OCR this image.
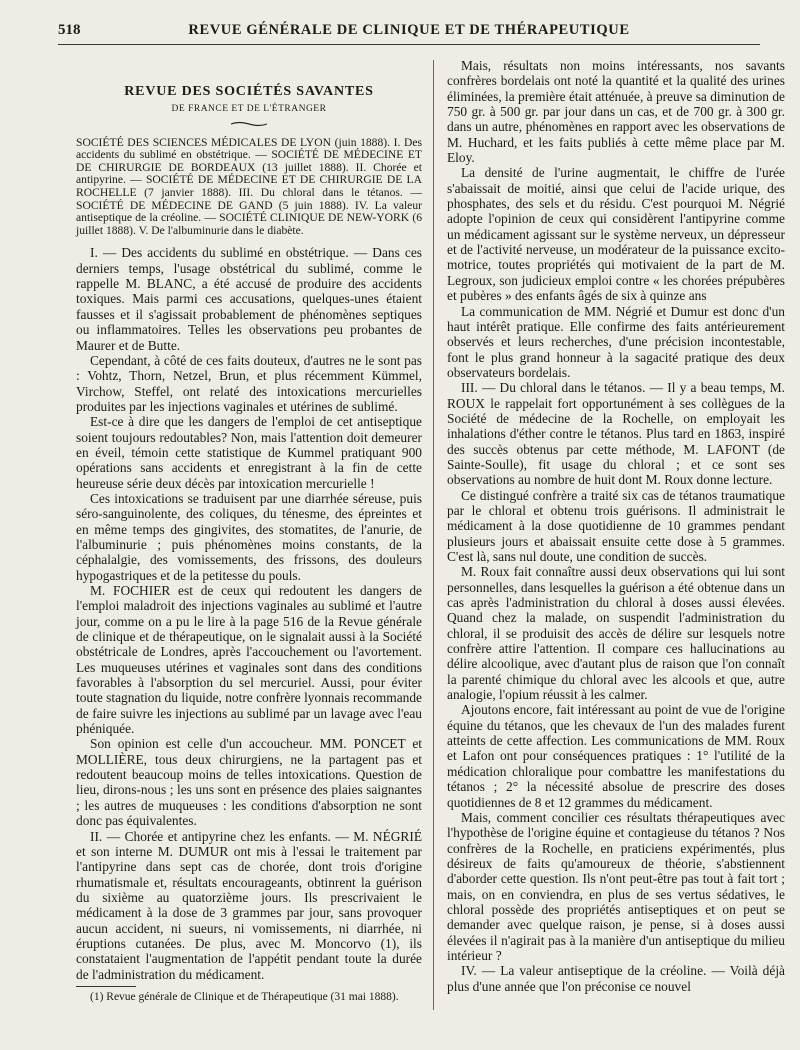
518	REVUE GÉNÉRALE DE CLINIQUE ET DE THÉRAPEUTIQUE
REVUE DES SOCIÉTÉS SAVANTES
DE FRANCE ET DE L'ÉTRANGER

SOCIÉTÉ DES SCIENCES MÉDICALES DE LYON (juin 1888). I. Des accidents du sublimé en obstétrique. — SOCIÉTÉ DE MÉDECINE ET DE CHIRURGIE DE BORDEAUX (13 juillet 1888). II. Chorée et antipyrine. — SOCIÉTÉ DE MÉDECINE ET DE CHIRURGIE DE LA ROCHELLE (7 janvier 1888). III. Du chloral dans le tétanos. — SOCIÉTÉ DE MÉDECINE DE GAND (5 juin 1888). IV. La valeur antiseptique de la créoline. — SOCIÉTÉ CLINIQUE DE NEW-YORK (6 juillet 1888). V. De l'albuminurie dans le diabète.

I. — Des accidents du sublimé en obstétrique. — Dans ces derniers temps, l'usage obstétrical du sublimé, comme le rappelle M. BLANC, a été accusé de produire des accidents toxiques. Mais parmi ces accusations, quelques-unes étaient fausses et il s'agissait probablement de phénomènes septiques ou inflammatoires. Telles les observations peu probantes de Maurer et de Butte.

Cependant, à côté de ces faits douteux, d'autres ne le sont pas : Vohtz, Thorn, Netzel, Brun, et plus récemment Kümmel, Virchow, Steffel, ont relaté des intoxications mercurielles produites par les injections vaginales et utérines de sublimé.

Est-ce à dire que les dangers de l'emploi de cet antiseptique soient toujours redoutables? Non, mais l'attention doit demeurer en éveil, témoin cette statistique de Kummel pratiquant 900 opérations sans accidents et enregistrant à la fin de cette heureuse série deux décès par intoxication mercurielle !

Ces intoxications se traduisent par une diarrhée séreuse, puis séro-sanguinolente, des coliques, du ténesme, des épreintes et en même temps des gingivites, des stomatites, de l'anurie, de l'albuminurie ; puis phénomènes moins constants, de la céphalalgie, des vomissements, des frissons, des douleurs hypogastriques et de la petitesse du pouls.

M. FOCHIER est de ceux qui redoutent les dangers de l'emploi maladroit des injections vaginales au sublimé et l'autre jour, comme on a pu le lire à la page 516 de la Revue générale de clinique et de thérapeutique, on le signalait aussi à la Société obstétricale de Londres, après l'accouchement ou l'avortement. Les muqueuses utérines et vaginales sont dans des conditions favorables à l'absorption du sel mercuriel. Aussi, pour éviter toute stagnation du liquide, notre confrère lyonnais recommande de faire suivre les injections au sublimé par un lavage avec l'eau phéniquée.

Son opinion est celle d'un accoucheur. MM. PONCET et MOLLIÈRE, tous deux chirurgiens, ne la partagent pas et redoutent beaucoup moins de telles intoxications. Question de lieu, dirons-nous ; les uns sont en présence des plaies saignantes ; les autres de muqueuses : les conditions d'absorption ne sont donc pas équivalentes.

II. — Chorée et antipyrine chez les enfants. — M. NÉGRIÉ et son interne M. DUMUR ont mis à l'essai le traitement par l'antipyrine dans sept cas de chorée, dont trois d'origine rhumatismale et, résultats encourageants, obtinrent la guérison du sixième au quatorzième jours. Ils prescrivaient le médicament à la dose de 3 grammes par jour, sans provoquer aucun accident, ni sueurs, ni vomissements, ni diarrhée, ni éruptions cutanées. De plus, avec M. Moncorvo (1), ils constataient l'augmentation de l'appétit pendant toute la durée de l'administration du médicament.

(1) Revue générale de Clinique et de Thérapeutique (31 mai 1888).

Mais, résultats non moins intéressants, nos savants confrères bordelais ont noté la quantité et la qualité des urines éliminées, la première était atténuée, à preuve sa diminution de 750 gr. à 500 gr. par jour dans un cas, et de 700 gr. à 300 gr. dans un autre, phénomènes en rapport avec les observations de M. Huchard, et les faits publiés à cette même place par M. Eloy.

La densité de l'urine augmentait, le chiffre de l'urée s'abaissait de moitié, ainsi que celui de l'acide urique, des phosphates, des sels et du résidu. C'est pourquoi M. Négrié adopte l'opinion de ceux qui considèrent l'antipyrine comme un médicament agissant sur le système nerveux, un dépresseur et de l'activité nerveuse, un modérateur de la puissance excito-motrice, toutes propriétés qui motivaient de la part de M. Legroux, son judicieux emploi contre « les chorées prépubères et pubères » des enfants âgés de six à quinze ans

La communication de MM. Négrié et Dumur est donc d'un haut intérêt pratique. Elle confirme des faits antérieurement observés et leurs recherches, d'une précision incontestable, font le plus grand honneur à la sagacité pratique des deux observateurs bordelais.

III. — Du chloral dans le tétanos. — Il y a beau temps, M. ROUX le rappelait fort opportunément à ses collègues de la Société de médecine de la Rochelle, on employait les inhalations d'éther contre le tétanos. Plus tard en 1863, inspiré des succès obtenus par cette méthode, M. LAFONT (de Sainte-Soulle), fit usage du chloral ; et ce sont ses observations au nombre de huit dont M. Roux donne lecture.

Ce distingué confrère a traité six cas de tétanos traumatique par le chloral et obtenu trois guérisons. Il administrait le médicament à la dose quotidienne de 10 grammes pendant plusieurs jours et abaissait ensuite cette dose à 5 grammes. C'est là, sans nul doute, une condition de succès.

M. Roux fait connaître aussi deux observations qui lui sont personnelles, dans lesquelles la guérison a été obtenue dans un cas après l'administration du chloral à doses aussi élevées. Quand chez la malade, on suspendit l'administration du chloral, il se produisit des accès de délire sur lesquels notre confrère attire l'attention. Il compare ces hallucinations au délire alcoolique, avec d'autant plus de raison que l'on connaît la parenté chimique du chloral avec les alcools et que, autre analogie, l'opium réussit à les calmer.

Ajoutons encore, fait intéressant au point de vue de l'origine équine du tétanos, que les chevaux de l'un des malades furent atteints de cette affection. Les communications de MM. Roux et Lafon ont pour conséquences pratiques : 1° l'utilité de la médication chloralique pour combattre les manifestations du tétanos ; 2° la nécessité absolue de prescrire des doses quotidiennes de 8 et 12 grammes du médicament.

Mais, comment concilier ces résultats thérapeutiques avec l'hypothèse de l'origine équine et contagieuse du tétanos ? Nos confrères de la Rochelle, en praticiens expérimentés, plus désireux de faits qu'amoureux de théorie, s'abstiennent d'aborder cette question. Ils n'ont peut-être pas tout à fait tort ; mais, on en conviendra, en plus de ses vertus sédatives, le chloral possède des propriétés antiseptiques et on peut se demander avec quelque raison, je pense, si à doses aussi élevées il n'agirait pas à la manière d'un antiseptique du milieu intérieur ?

IV. — La valeur antiseptique de la créoline. — Voilà déjà plus d'une année que l'on préconise ce nouvel
